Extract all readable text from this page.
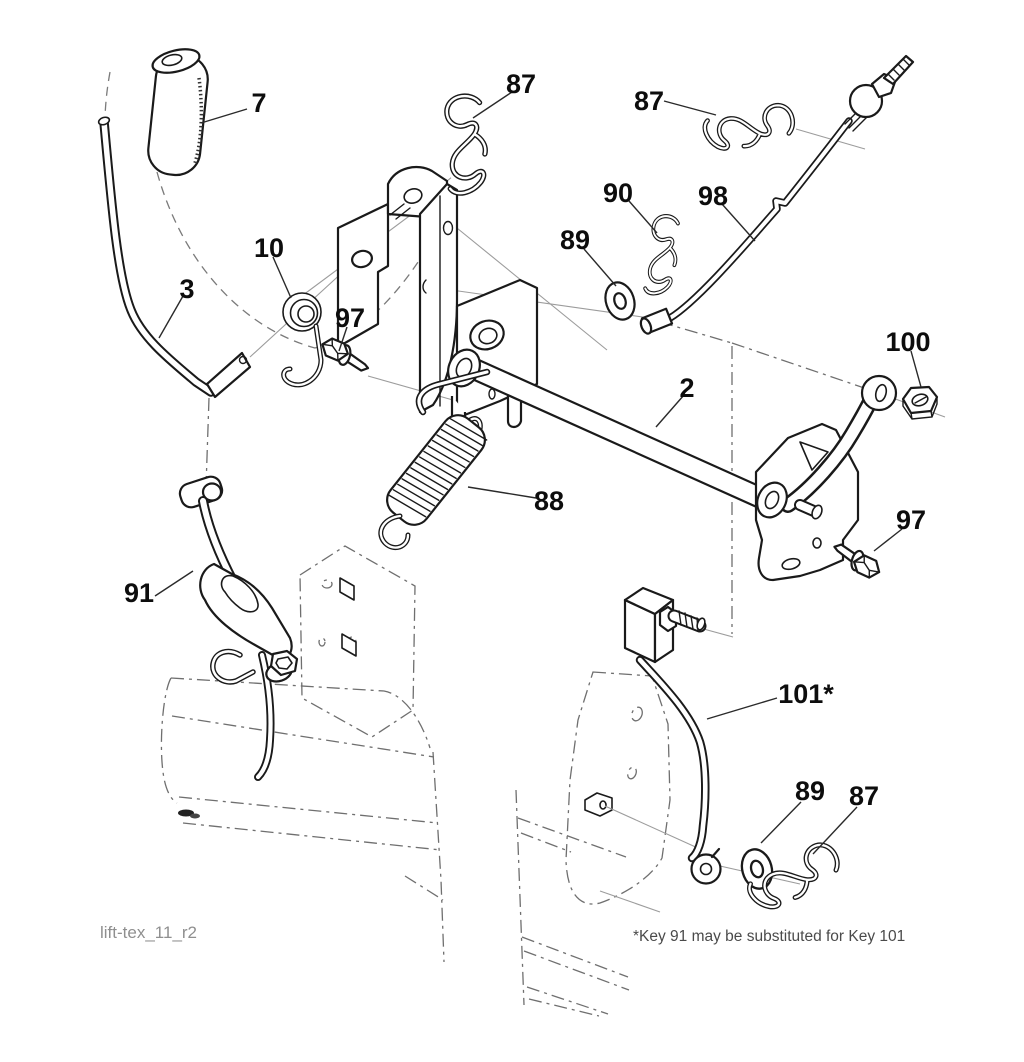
7
87
87
90 98
89
10
3
97
2
100
88
97
91
101*
89 87
lift-tex_11_r2	*Key 91 may be substituted for Key 101
